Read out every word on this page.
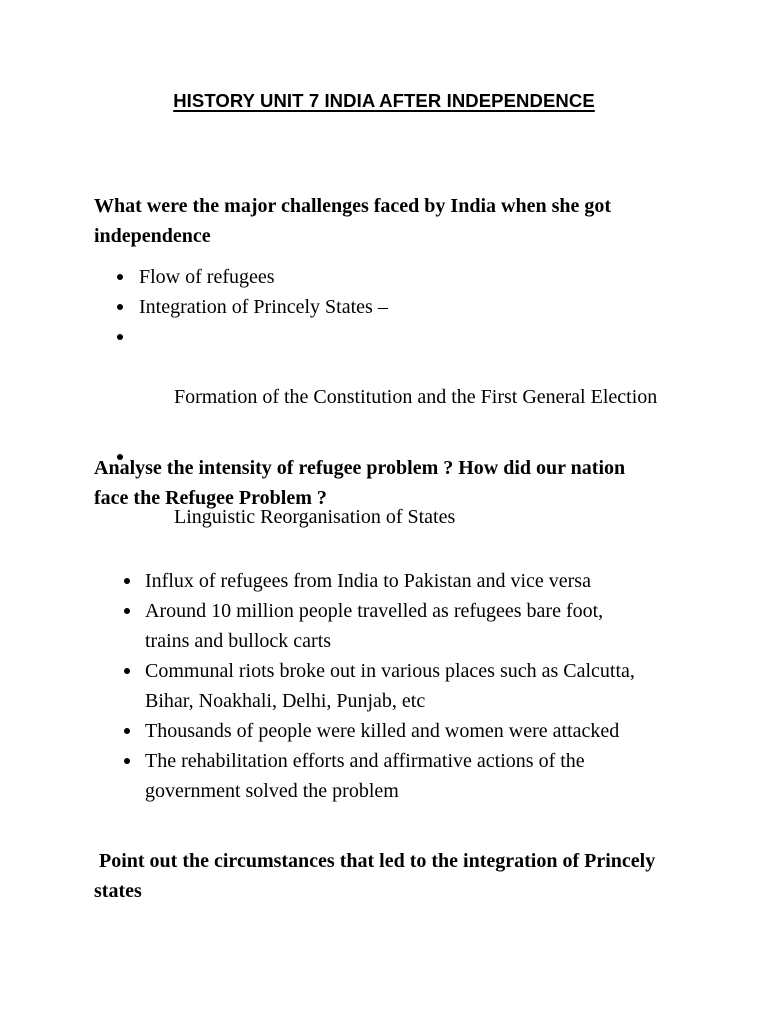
HISTORY UNIT 7 INDIA AFTER INDEPENDENCE

What were the major challenges faced by India when she got independence

Flow of refugees
Integration of Princely States –

Formation of the Constitution and the First General Election

Linguistic Reorganisation of States

Analyse the intensity of refugee problem ? How did our nation face the Refugee Problem ?

Influx of refugees from India to Pakistan and vice versa
Around 10 million people travelled as refugees bare foot, trains and bullock carts
Communal riots broke out in various places such as Calcutta, Bihar, Noakhali, Delhi, Punjab, etc
Thousands of people were killed and women were attacked
The rehabilitation efforts and affirmative actions of the government solved the problem

Point out the circumstances that led to the integration of Princely states
